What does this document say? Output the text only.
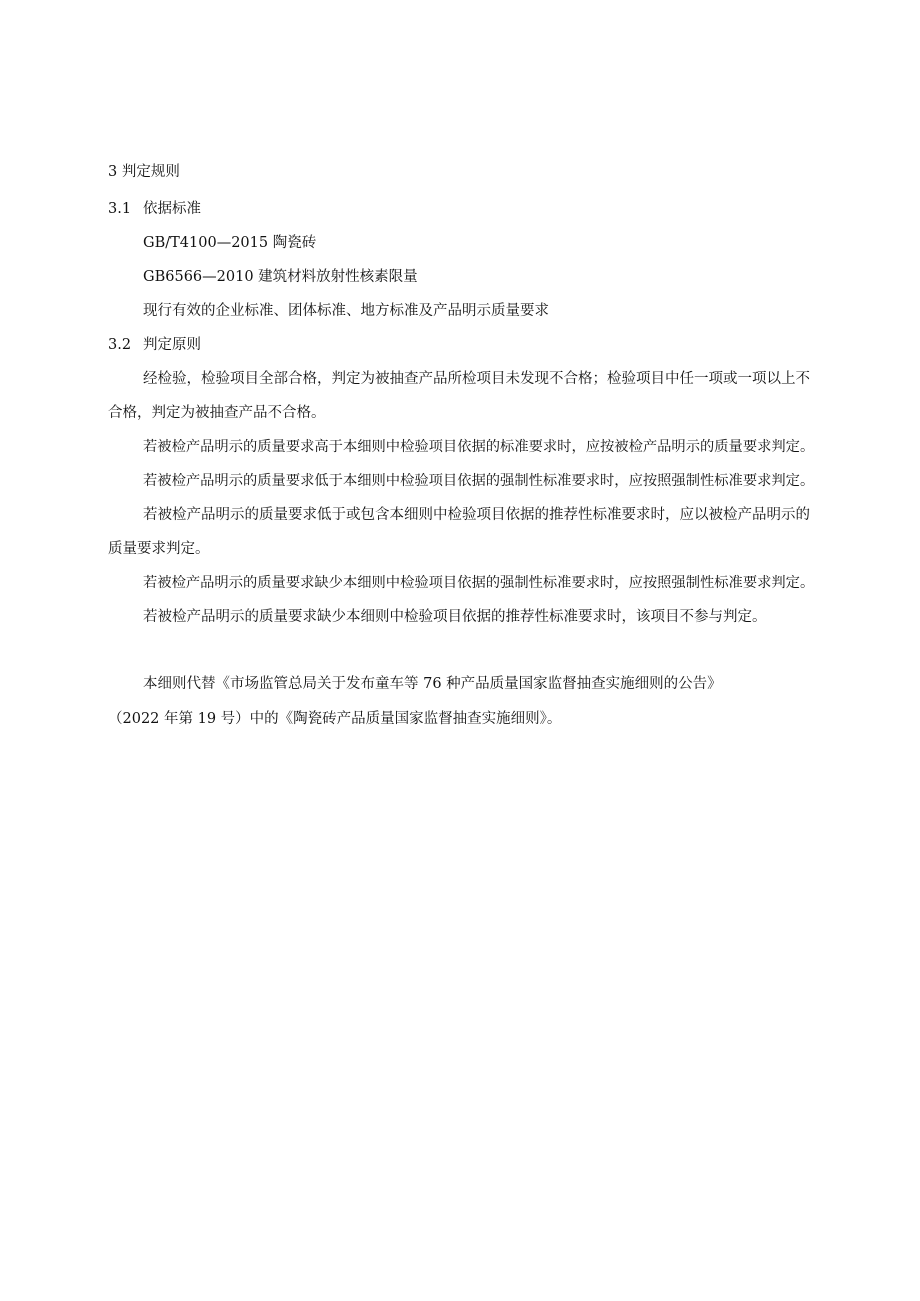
3 判定规则
3.1 依据标准
GB/T4100—2015 陶瓷砖
GB6566—2010 建筑材料放射性核素限量
现行有效的企业标准、团体标准、地方标准及产品明示质量要求
3.2 判定原则
经检验，检验项目全部合格，判定为被抽查产品所检项目未发现不合格；检验项目中任一项或一项以上不
合格，判定为被抽查产品不合格。
若被检产品明示的质量要求高于本细则中检验项目依据的标准要求时，应按被检产品明示的质量要求判定。
若被检产品明示的质量要求低于本细则中检验项目依据的强制性标准要求时，应按照强制性标准要求判定。
若被检产品明示的质量要求低于或包含本细则中检验项目依据的推荐性标准要求时，应以被检产品明示的
质量要求判定。
若被检产品明示的质量要求缺少本细则中检验项目依据的强制性标准要求时，应按照强制性标准要求判定。
若被检产品明示的质量要求缺少本细则中检验项目依据的推荐性标准要求时，该项目不参与判定。
本细则代替《市场监管总局关于发布童车等 76 种产品质量国家监督抽查实施细则的公告》
（2022 年第 19 号）中的《陶瓷砖产品质量国家监督抽查实施细则》。
